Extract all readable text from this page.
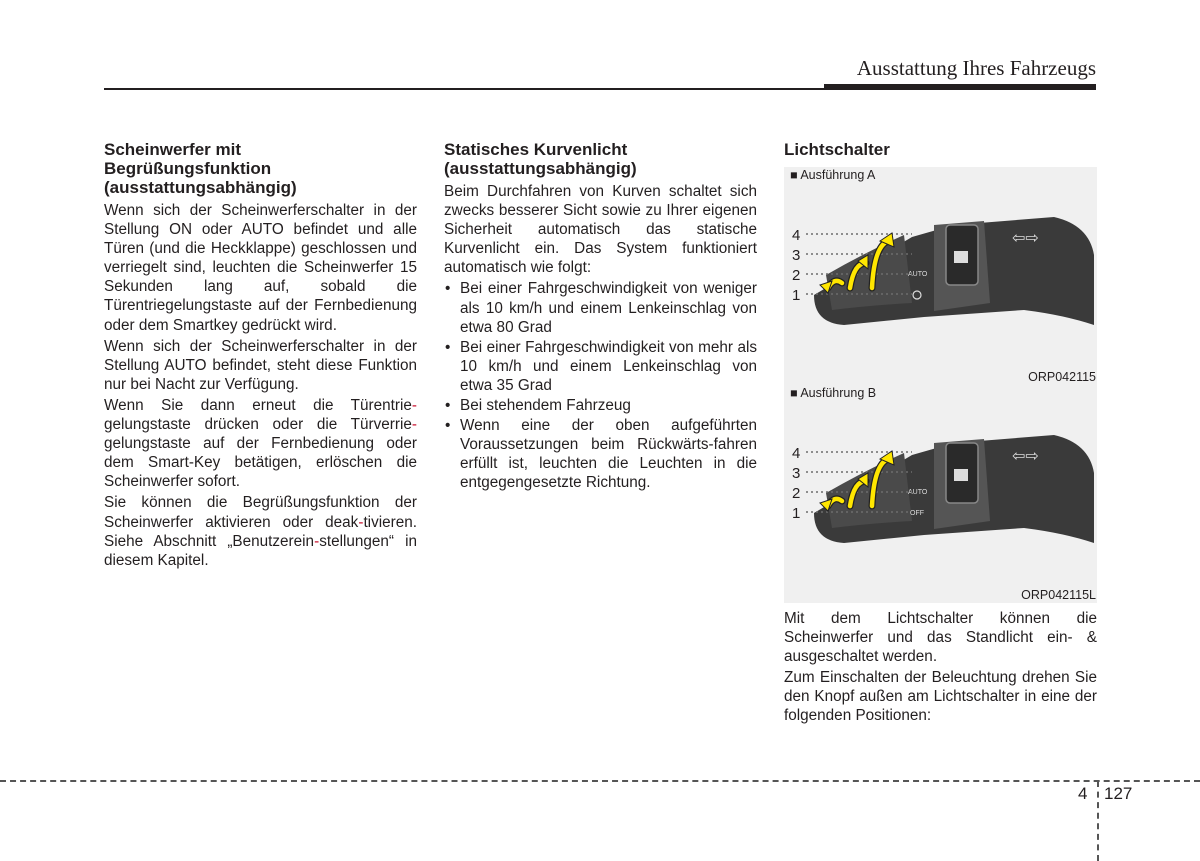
Ausstattung Ihres Fahrzeugs
Scheinwerfer mit
Begrüßungsfunktion
(ausstattungsabhängig)

Wenn sich der Scheinwerferschalter in der Stellung ON oder AUTO befindet und alle Türen (und die Heckklappe) geschlossen und verriegelt sind, leuchten die Scheinwerfer 15 Sekunden lang auf, sobald die Türentriegelungstaste auf der Fernbedienung oder dem Smartkey gedrückt wird.

Wenn sich der Scheinwerferschalter in der Stellung AUTO befindet, steht diese Funktion nur bei Nacht zur Verfügung.

Wenn Sie dann erneut die Türentrie-gelungstaste drücken oder die Türverrie-gelungstaste auf der Fernbedienung oder dem Smart-Key betätigen, erlöschen die Scheinwerfer sofort.

Sie können die Begrüßungsfunktion der Scheinwerfer aktivieren oder deak-tivieren. Siehe Abschnitt „Benutzerein-stellungen“ in diesem Kapitel.

Statisches Kurvenlicht
(ausstattungsabhängig)

Beim Durchfahren von Kurven schaltet sich zwecks besserer Sicht sowie zu Ihrer eigenen Sicherheit automatisch das statische Kurvenlicht ein. Das System funktioniert automatisch wie folgt:

• Bei einer Fahrgeschwindigkeit von weniger als 10 km/h und einem Lenkeinschlag von etwa 80 Grad
• Bei einer Fahrgeschwindigkeit von mehr als 10 km/h und einem Lenkeinschlag von etwa 35 Grad
• Bei stehendem Fahrzeug
• Wenn eine der oben aufgeführten Voraussetzungen beim Rückwärts-fahren erfüllt ist, leuchten die Leuchten in die entgegengesetzte Richtung.
Lichtschalter
■ Ausführung A
AUTO
⇦⇨
4
3
2
1
ORP042115
■ Ausführung B
AUTO
OFF
⇦⇨
4
3
2
1
ORP042115L

Mit dem Lichtschalter können die Scheinwerfer und das Standlicht ein- & ausgeschaltet werden.

Zum Einschalten der Beleuchtung drehen Sie den Knopf außen am Lichtschalter in eine der folgenden Positionen:

4 127
